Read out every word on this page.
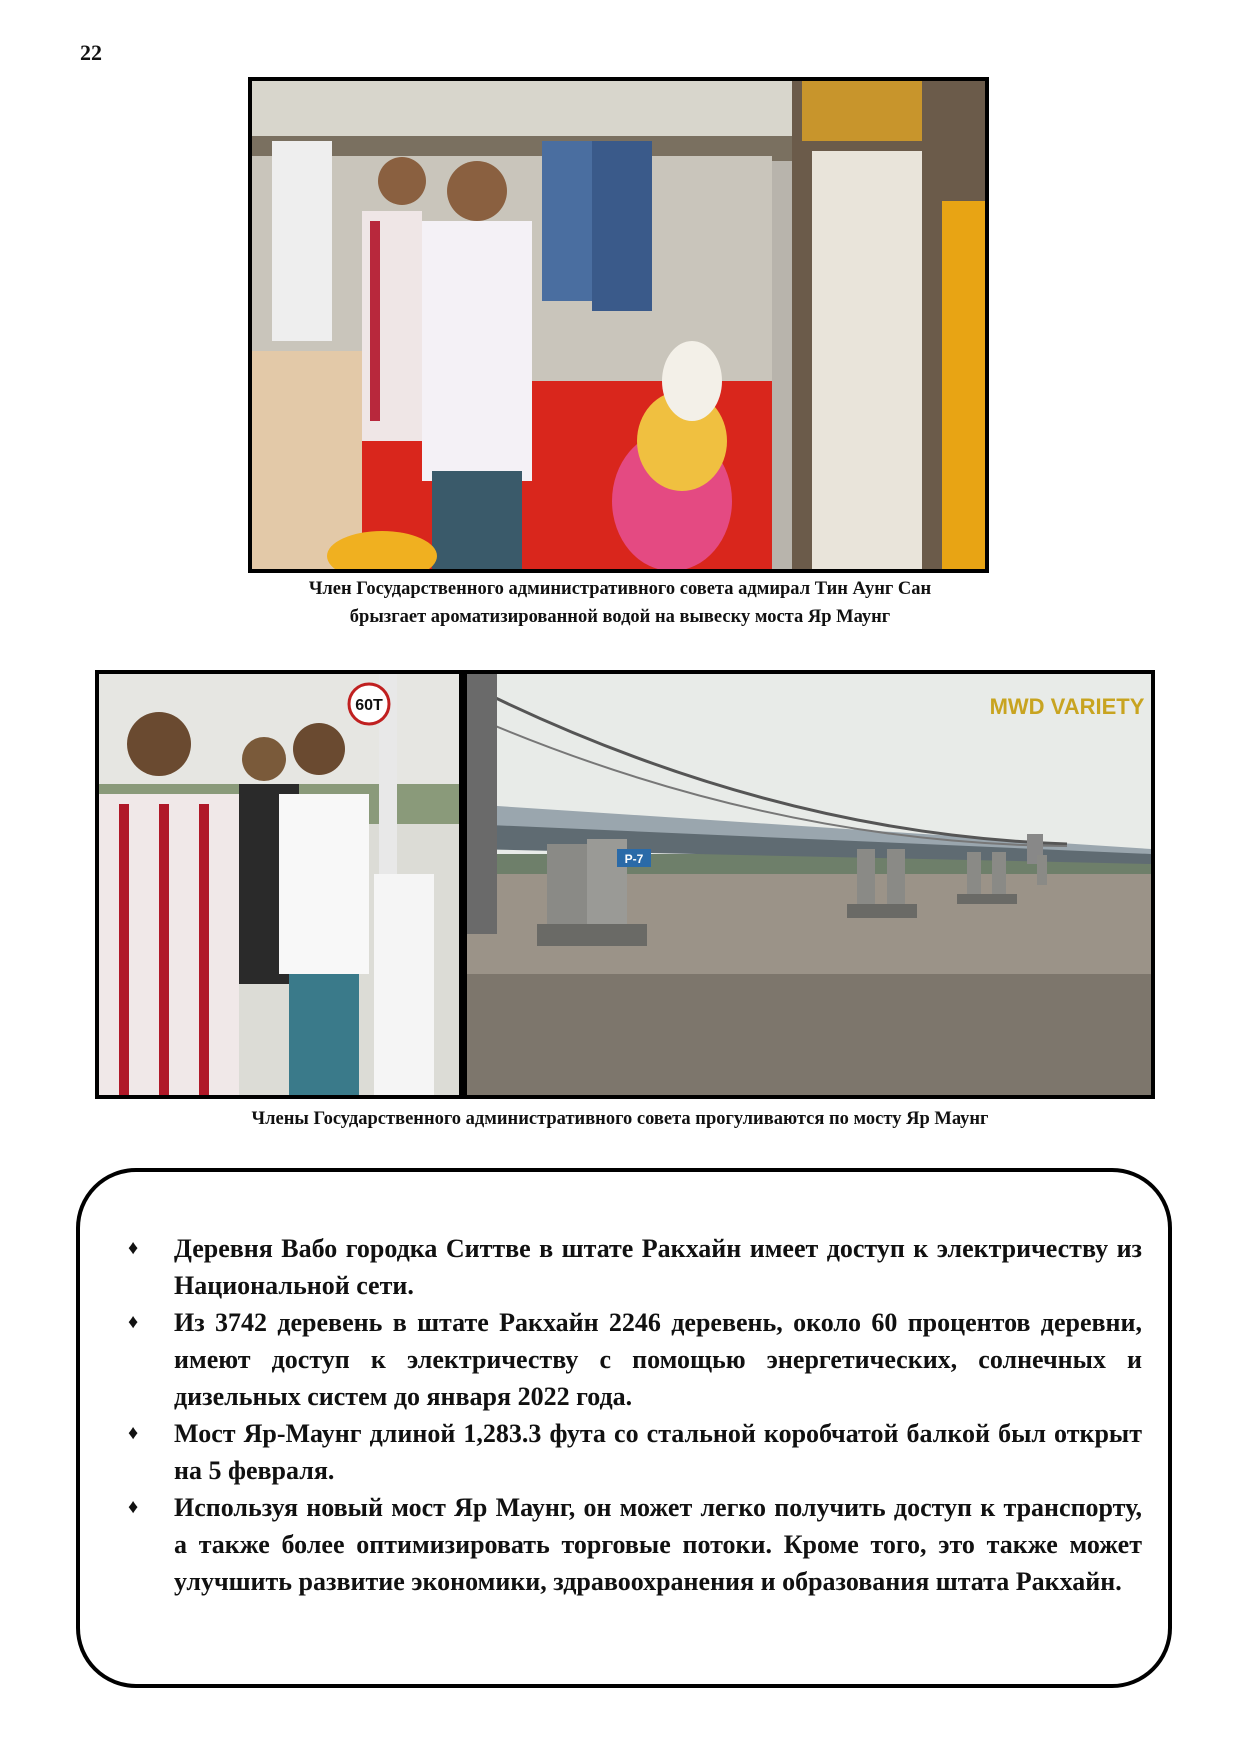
22
Член Государственного административного совета адмирал Тин Аунг Сан
брызгает ароматизированной водой на вывеску моста Яр Маунг
60T
P-7
MWD VARIETY
Члены Государственного административного совета прогуливаются по мосту Яр Маунг
♦ Деревня Вабо городка Ситтве в штате Ракхайн имеет доступ к электричеству из Национальной сети.
♦ Из 3742 деревень в штате Ракхайн 2246 деревень, около 60 процентов деревни, имеют доступ к электричеству с помощью энергетических, солнечных и дизельных систем до января 2022 года.
♦ Мост Яр-Маунг длиной 1,283.3 фута со стальной коробчатой балкой был открыт на 5 февраля.
♦ Используя новый мост Яр Маунг, он может легко получить доступ к транспорту, а также более оптимизировать торговые потоки. Кроме того, это также может улучшить развитие экономики, здравоохранения и образования штата Ракхайн.
